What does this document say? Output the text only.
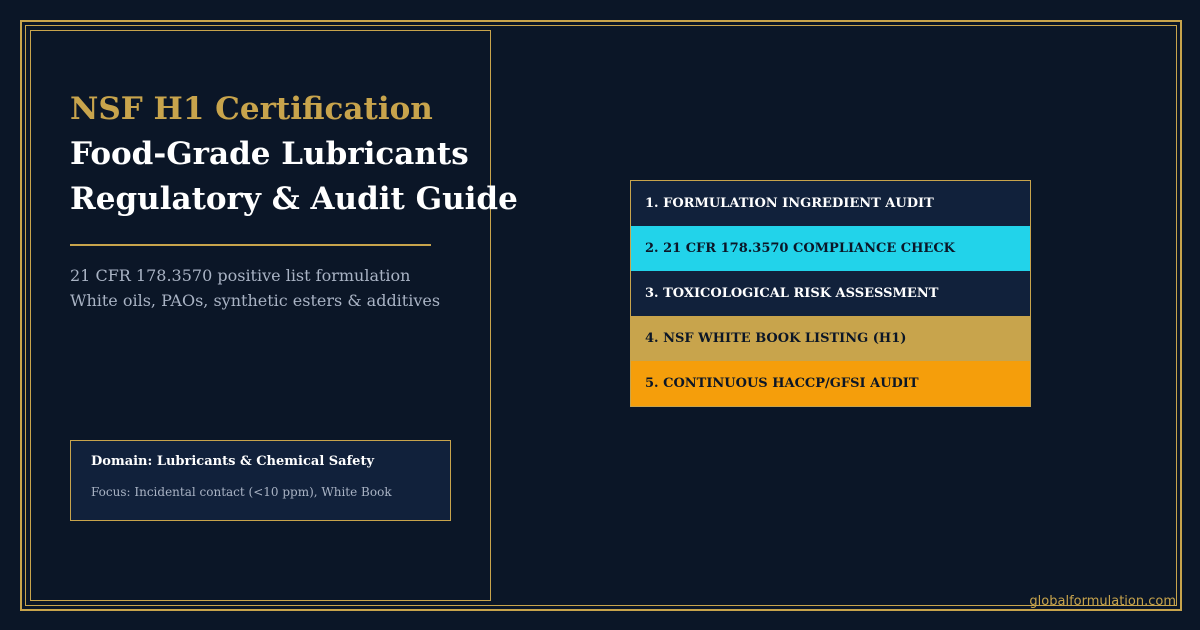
NSF H1 Certification
Food-Grade Lubricants
Regulatory & Audit Guide
21 CFR 178.3570 positive list formulation
White oils, PAOs, synthetic esters & additives
Domain: Lubricants & Chemical Safety
Focus: Incidental contact (<10 ppm), White Book
1. FORMULATION INGREDIENT AUDIT
2. 21 CFR 178.3570 COMPLIANCE CHECK
3. TOXICOLOGICAL RISK ASSESSMENT
4. NSF WHITE BOOK LISTING (H1)
5. CONTINUOUS HACCP/GFSI AUDIT
globalformulation.com
